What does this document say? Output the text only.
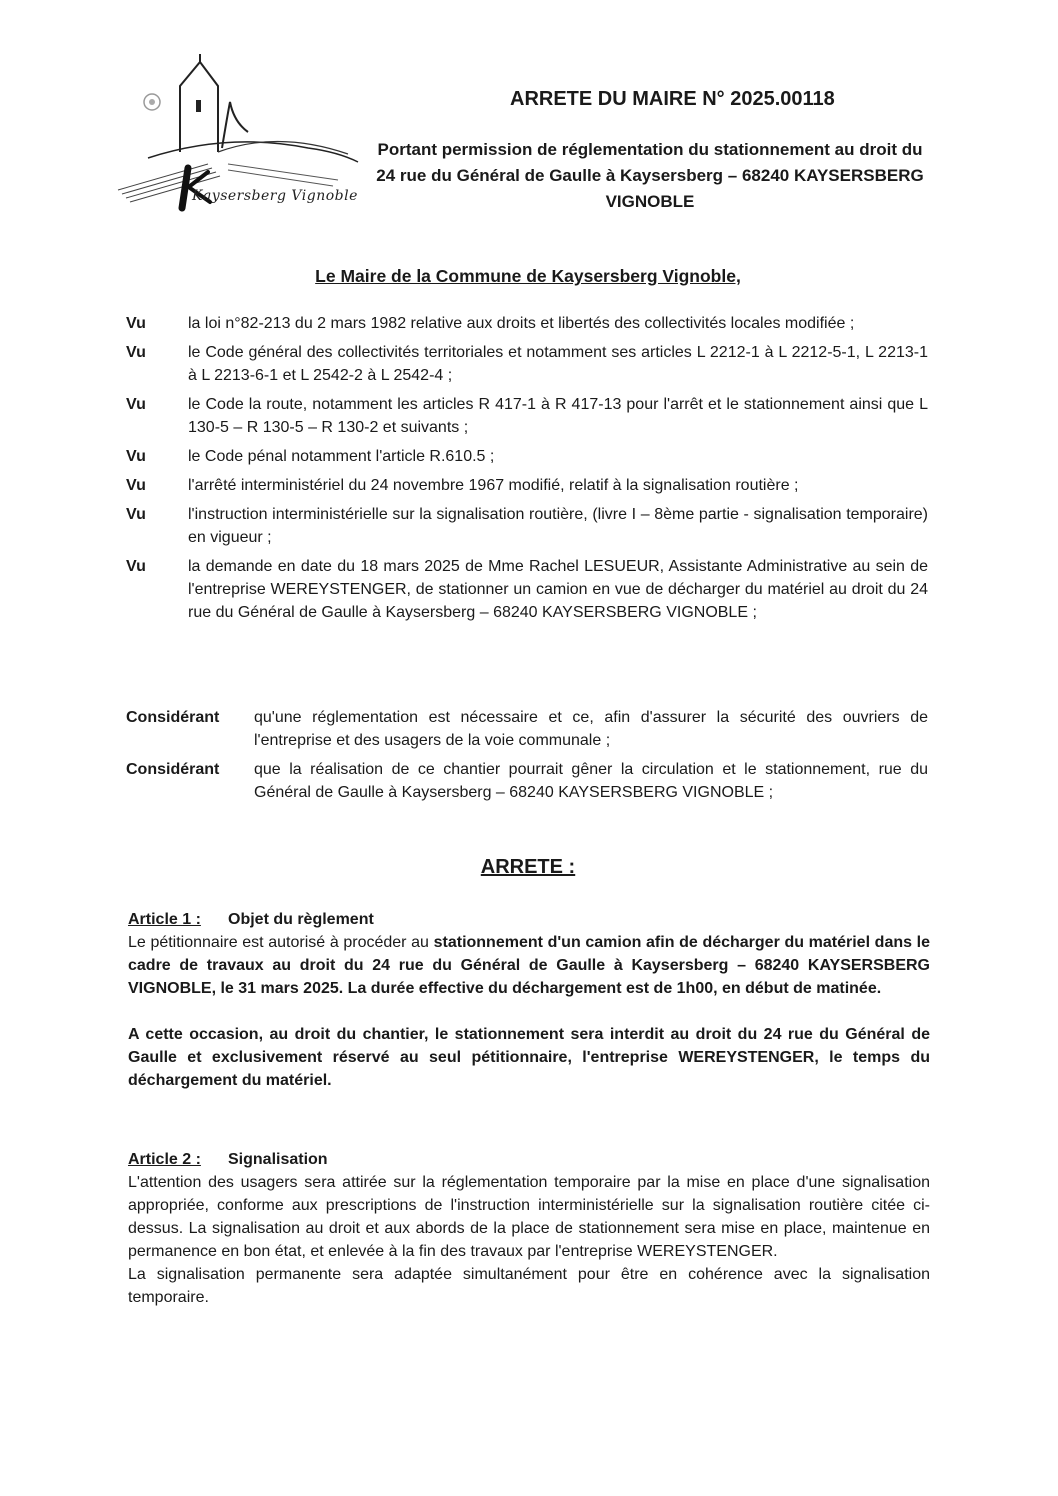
Kaysersberg Vignoble
ARRETE DU MAIRE N° 2025.00118

Portant permission de réglementation du stationnement au droit du 24 rue du Général de Gaulle à Kaysersberg – 68240 KAYSERSBERG VIGNOBLE

Le Maire de la Commune de Kaysersberg Vignoble,

Vu	la loi n°82-213 du 2 mars 1982 relative aux droits et libertés des collectivités locales modifiée ;
Vu	le Code général des collectivités territoriales et notamment ses articles L 2212-1 à L 2212-5-1, L 2213-1 à L 2213-6-1 et L 2542-2 à L 2542-4 ;
Vu	le Code la route, notamment les articles R 417-1 à R 417-13 pour l'arrêt et le stationnement ainsi que L 130-5 – R 130-5 – R 130-2 et suivants ;
Vu	le Code pénal notamment l'article R.610.5 ;
Vu	l'arrêté interministériel du 24 novembre 1967 modifié, relatif à la signalisation routière ;
Vu	l'instruction interministérielle sur la signalisation routière, (livre I – 8ème partie - signalisation temporaire) en vigueur ;
Vu	la demande en date du 18 mars 2025 de Mme Rachel LESUEUR, Assistante Administrative au sein de l'entreprise WEREYSTENGER, de stationner un camion en vue de décharger du matériel au droit du 24 rue du Général de Gaulle à Kaysersberg – 68240 KAYSERSBERG VIGNOBLE ;
Considérant	qu'une réglementation est nécessaire et ce, afin d'assurer la sécurité des ouvriers de l'entreprise et des usagers de la voie communale ;
Considérant	que la réalisation de ce chantier pourrait gêner la circulation et le stationnement, rue du Général de Gaulle à Kaysersberg – 68240 KAYSERSBERG VIGNOBLE ;
ARRETE :

Article 1 : Objet du règlement

Le pétitionnaire est autorisé à procéder au stationnement d'un camion afin de décharger du matériel dans le cadre de travaux au droit du 24 rue du Général de Gaulle à Kaysersberg – 68240 KAYSERSBERG VIGNOBLE, le 31 mars 2025. La durée effective du déchargement est de 1h00, en début de matinée.

A cette occasion, au droit du chantier, le stationnement sera interdit au droit du 24 rue du Général de Gaulle et exclusivement réservé au seul pétitionnaire, l'entreprise WEREYSTENGER, le temps du déchargement du matériel.

Article 2 : Signalisation

L'attention des usagers sera attirée sur la réglementation temporaire par la mise en place d'une signalisation appropriée, conforme aux prescriptions de l'instruction interministérielle sur la signalisation routière citée ci-dessus. La signalisation au droit et aux abords de la place de stationnement sera mise en place, maintenue en permanence en bon état, et enlevée à la fin des travaux par l'entreprise WEREYSTENGER.

La signalisation permanente sera adaptée simultanément pour être en cohérence avec la signalisation temporaire.
